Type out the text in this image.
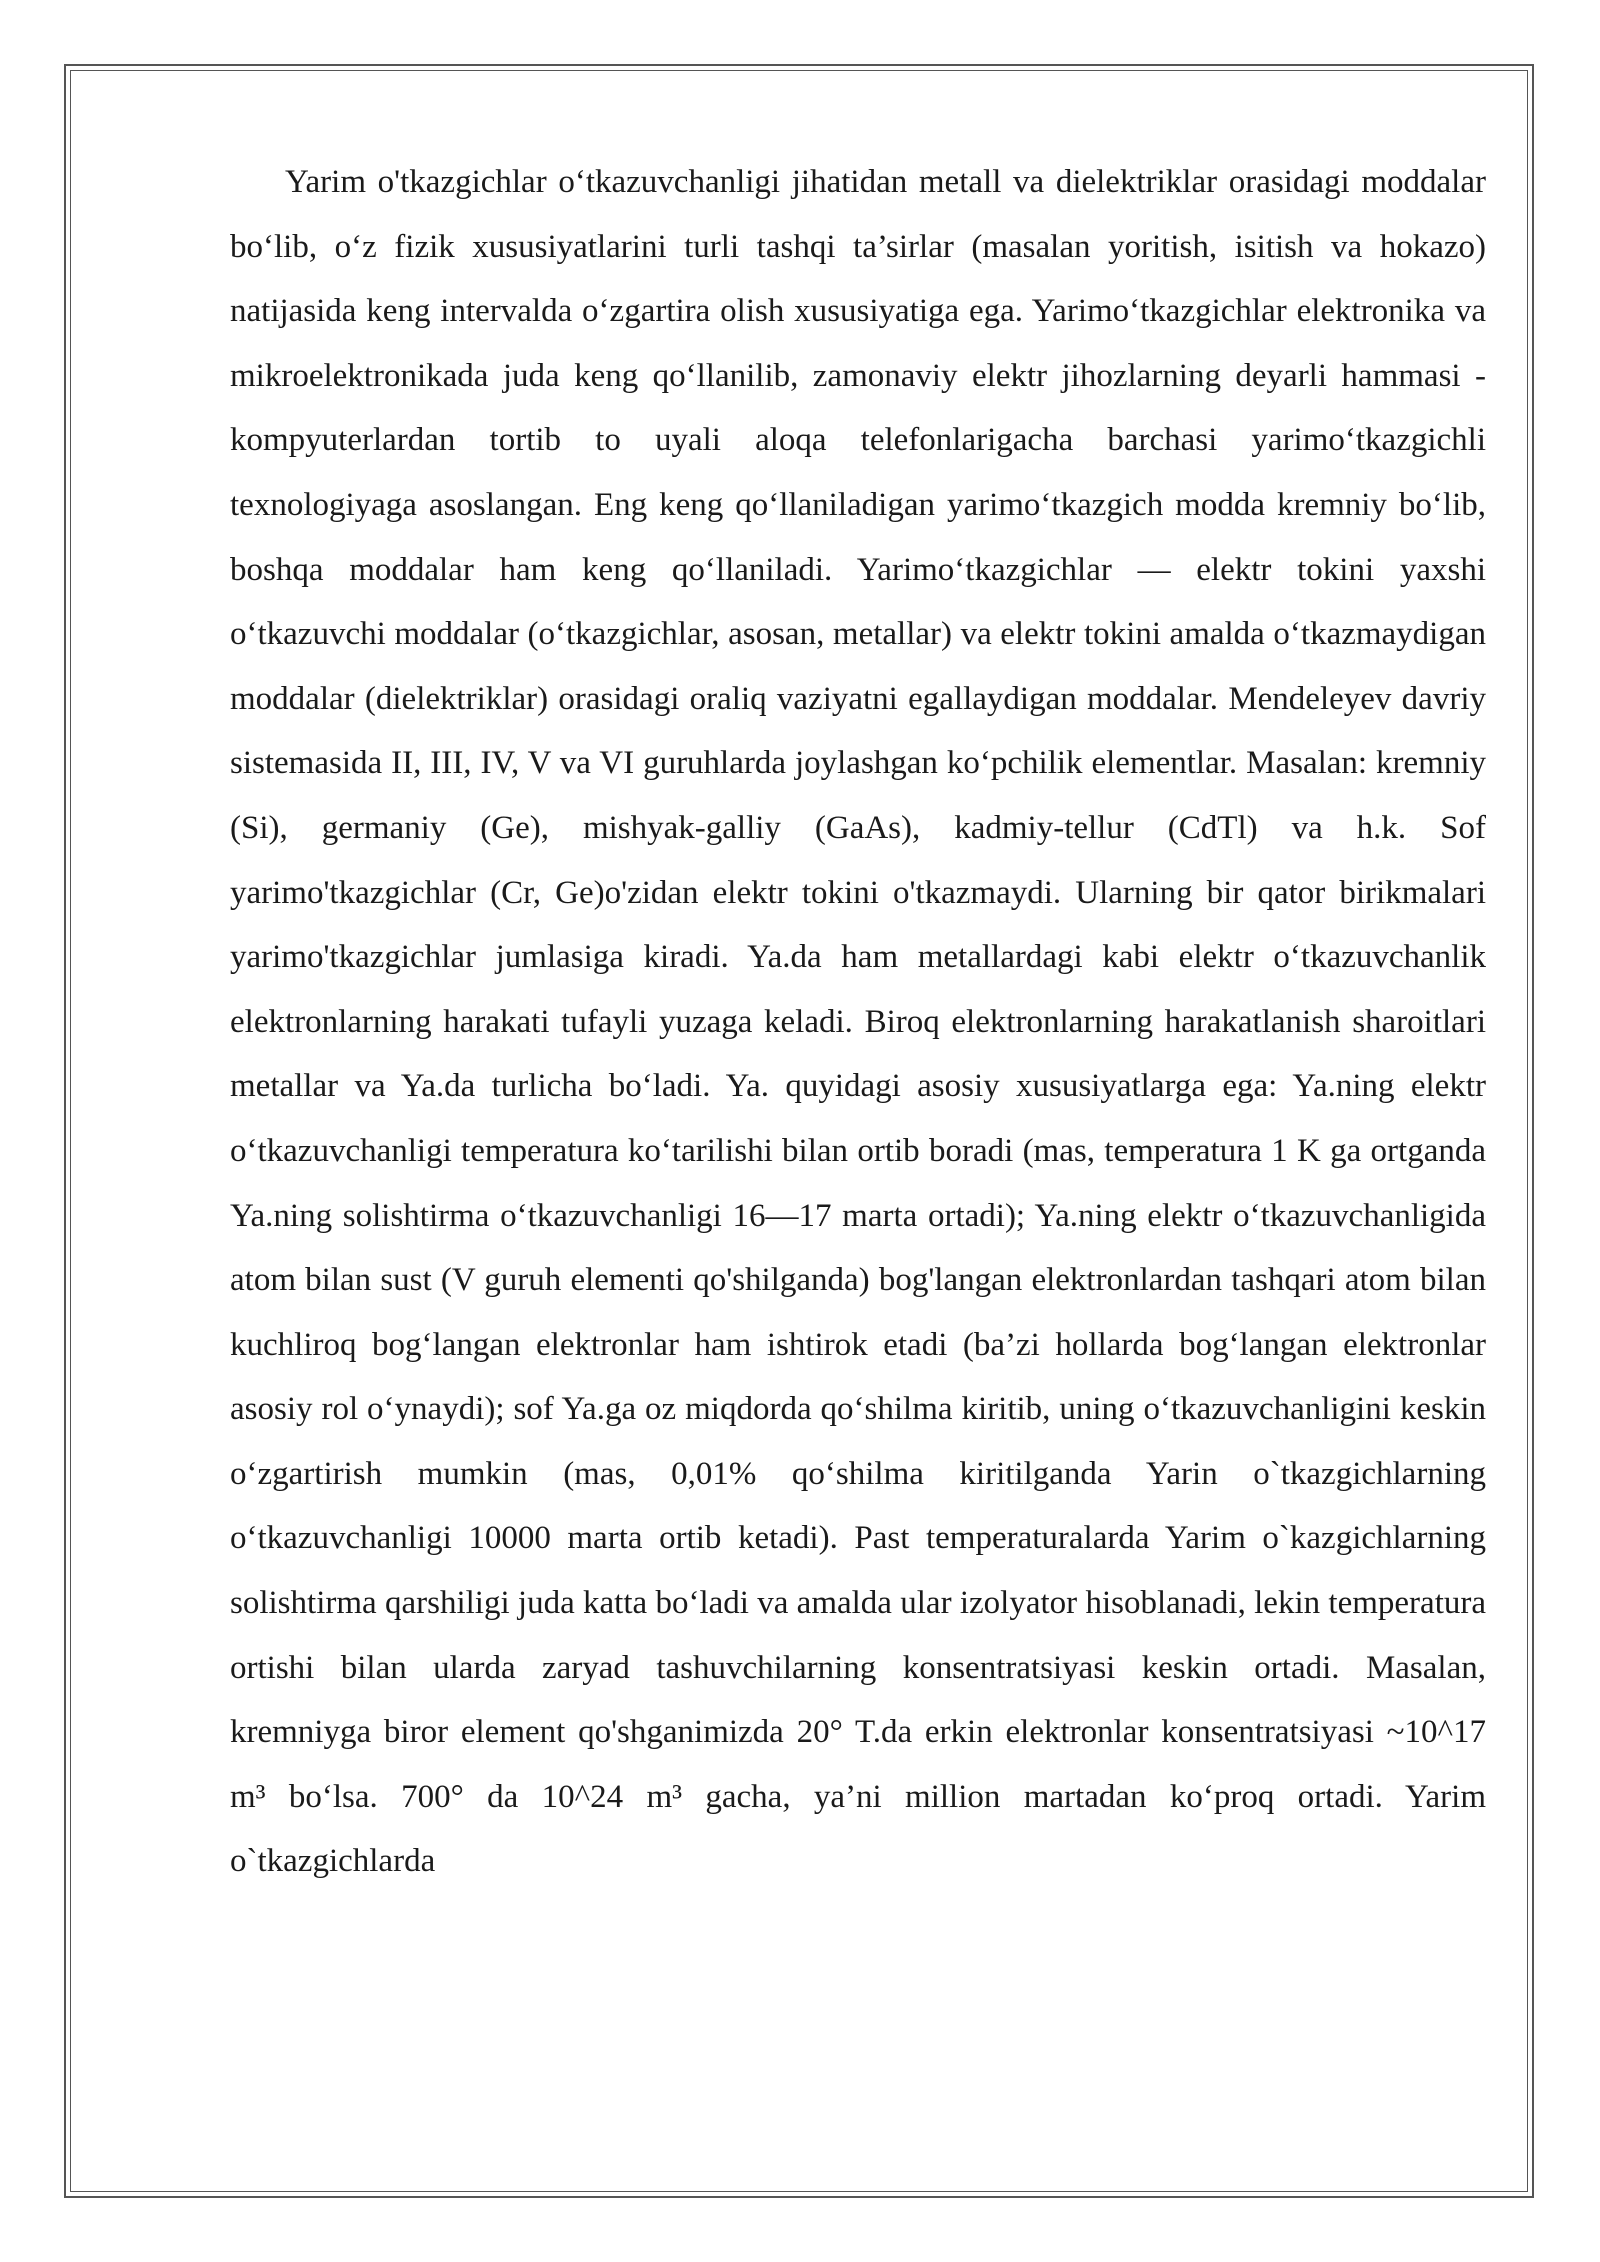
Yarim o'tkazgichlar o‘tkazuvchanligi jihatidan metall va dielektriklar orasidagi moddalar bo‘lib, o‘z fizik xususiyatlarini turli tashqi ta’sirlar (masalan yoritish, isitish va hokazo) natijasida keng intervalda o‘zgartira olish xususiyatiga ega. Yarimo‘tkazgichlar elektronika va mikroelektronikada juda keng qo‘llanilib, zamonaviy elektr jihozlarning deyarli hammasi - kompyuterlardan tortib to uyali aloqa telefonlarigacha barchasi yarimo‘tkazgichli texnologiyaga asoslangan. Eng keng qo‘llaniladigan yarimo‘tkazgich modda kremniy bo‘lib, boshqa moddalar ham keng qo‘llaniladi. Yarimo‘tkazgichlar — elektr tokini yaxshi o‘tkazuvchi moddalar (o‘tkazgichlar, asosan, metallar) va elektr tokini amalda o‘tkazmaydigan moddalar (dielektriklar) orasidagi oraliq vaziyatni egallaydigan moddalar. Mendeleyev davriy sistemasida II, III, IV, V va VI guruhlarda joylashgan ko‘pchilik elementlar. Masalan: kremniy (Si), germaniy (Ge), mishyak-galliy (GaAs), kadmiy-tellur (CdTl) va h.k. Sof yarimo'tkazgichlar (Cr, Ge)o'zidan elektr tokini o'tkazmaydi. Ularning bir qator birikmalari yarimo'tkazgichlar jumlasiga kiradi. Ya.da ham metallardagi kabi elektr o‘tkazuvchanlik elektronlarning harakati tufayli yuzaga keladi. Biroq elektronlarning harakatlanish sharoitlari metallar va Ya.da turlicha bo‘ladi. Ya. quyidagi asosiy xususiyatlarga ega: Ya.ning elektr o‘tkazuvchanligi temperatura ko‘tarilishi bilan ortib boradi (mas, temperatura 1 K ga ortganda Ya.ning solishtirma o‘tkazuvchanligi 16—17 marta ortadi); Ya.ning elektr o‘tkazuvchanligida atom bilan sust (V guruh elementi qo'shilganda) bog'langan elektronlardan tashqari atom bilan kuchliroq bog‘langan elektronlar ham ishtirok etadi (ba’zi hollarda bog‘langan elektronlar asosiy rol o‘ynaydi); sof Ya.ga oz miqdorda qo‘shilma kiritib, uning o‘tkazuvchanligini keskin o‘zgartirish mumkin (mas, 0,01% qo‘shilma kiritilganda Yarin o`tkazgichlarning o‘tkazuvchanligi 10000 marta ortib ketadi). Past temperaturalarda Yarim o`kazgichlarning solishtirma qarshiligi juda katta bo‘ladi va amalda ular izolyator hisoblanadi, lekin temperatura ortishi bilan ularda zaryad tashuvchilarning konsentratsiyasi keskin ortadi. Masalan, kremniyga biror element qo'shganimizda 20° T.da erkin elektronlar konsentratsiyasi ~10^17 m³ bo‘lsa. 700° da 10^24 m³ gacha, ya’ni million martadan ko‘proq ortadi. Yarim o`tkazgichlarda
